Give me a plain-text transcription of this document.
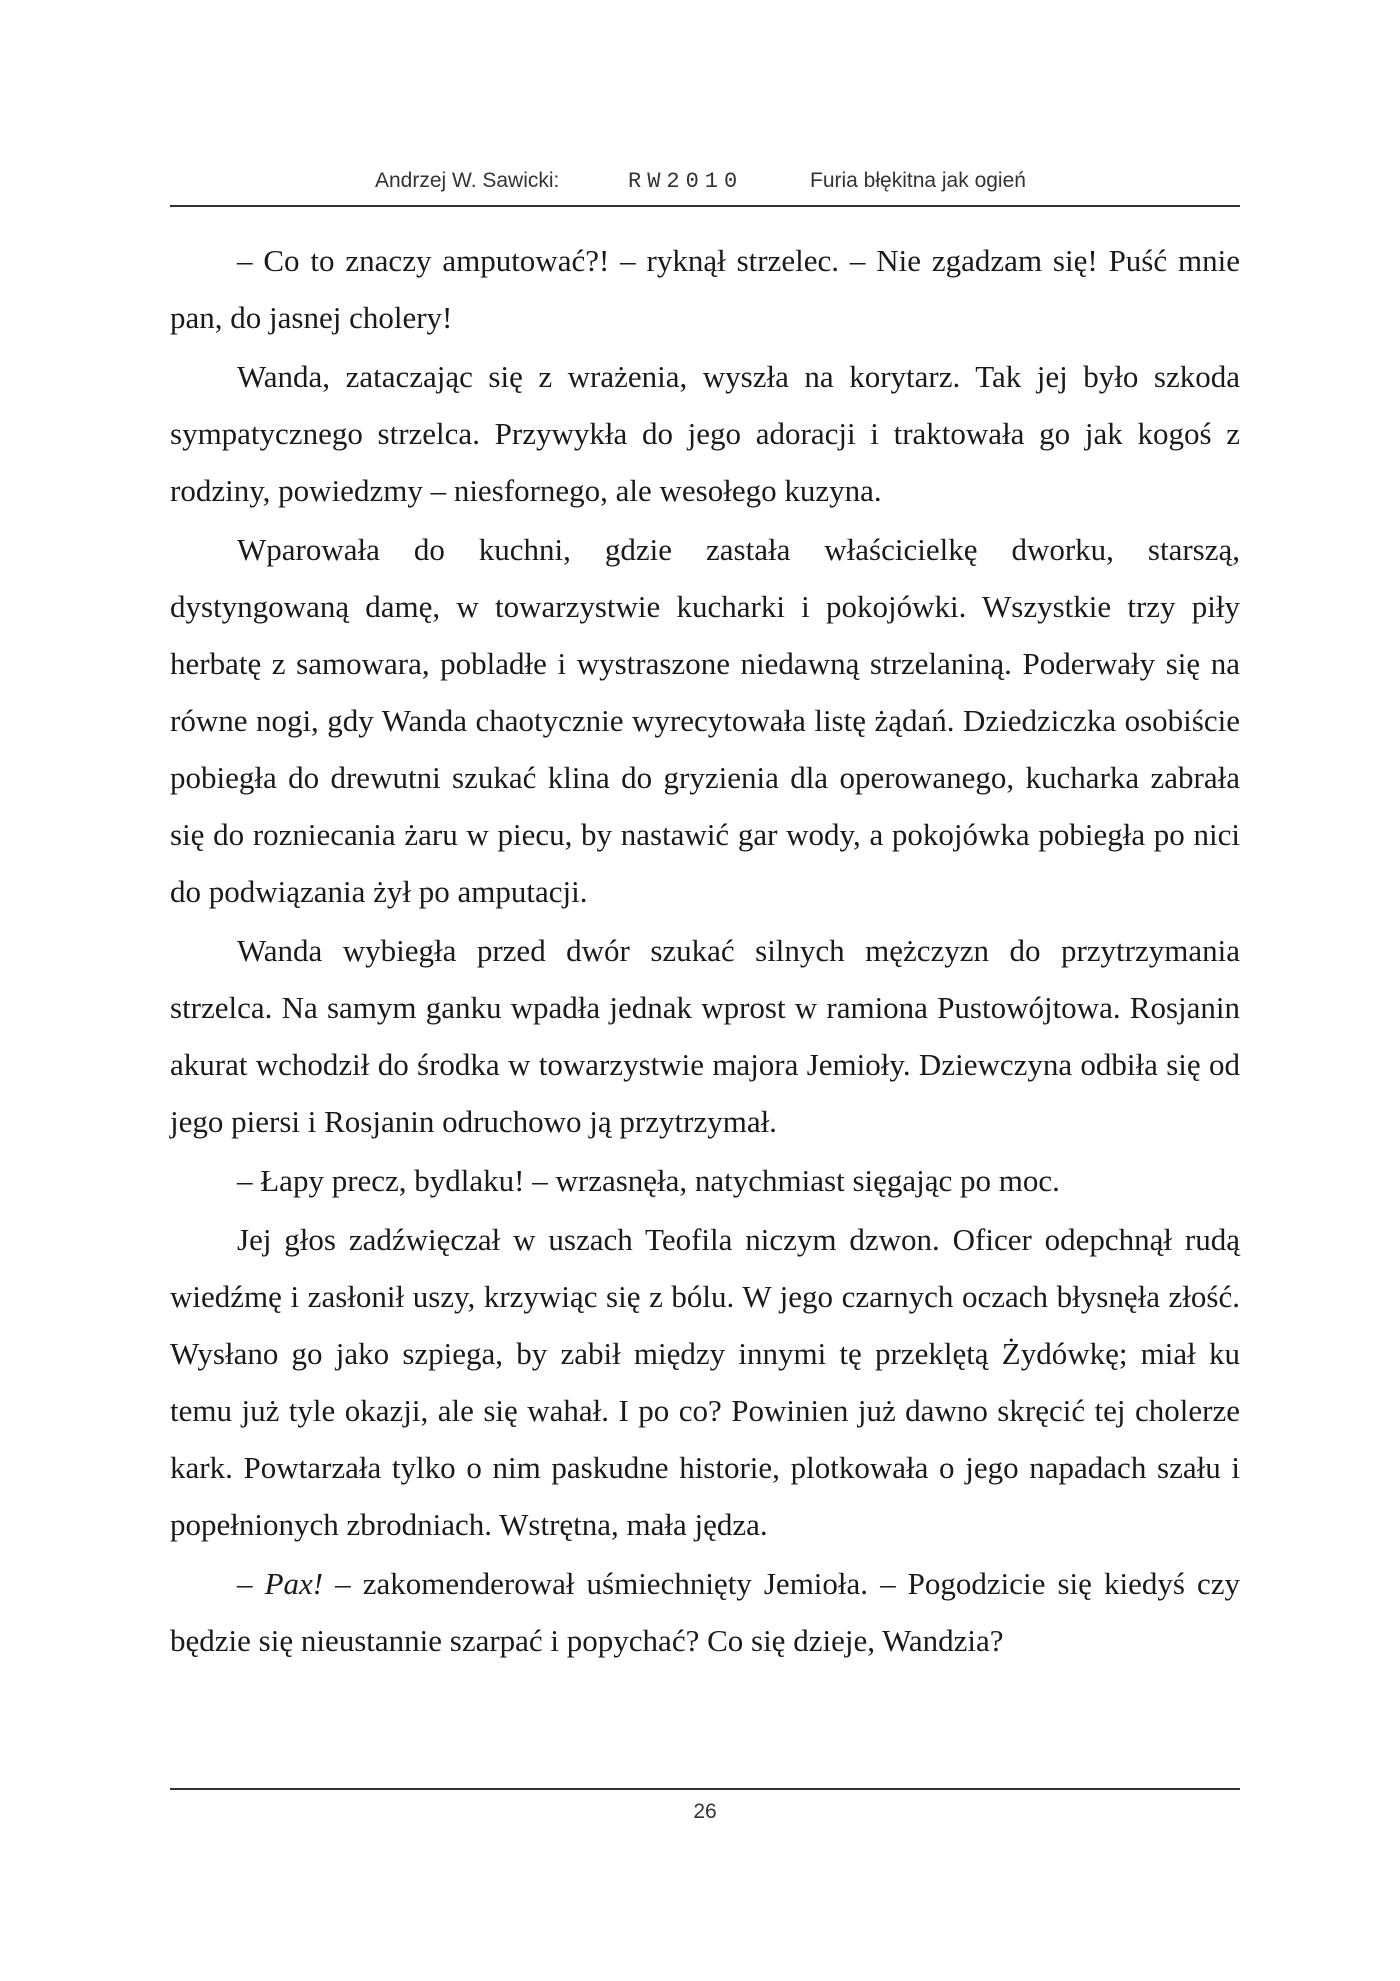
Andrzej W. Sawicki:	RW2010	Furia błękitna jak ogień

– Co to znaczy amputować?! – ryknął strzelec. – Nie zgadzam się! Puść mnie pan, do jasnej cholery!

Wanda, zataczając się z wrażenia, wyszła na korytarz. Tak jej było szkoda sympatycznego strzelca. Przywykła do jego adoracji i traktowała go jak kogoś z rodziny, powiedzmy – niesfornego, ale wesołego kuzyna.

Wparowała do kuchni, gdzie zastała właścicielkę dworku, starszą, dystyngowaną damę, w towarzystwie kucharki i pokojówki. Wszystkie trzy piły herbatę z samowara, pobladłe i wystraszone niedawną strzelaniną. Poderwały się na równe nogi, gdy Wanda chaotycznie wyrecytowała listę żądań. Dziedziczka osobiście pobiegła do drewutni szukać klina do gryzienia dla operowanego, kucharka zabrała się do rozniecania żaru w piecu, by nastawić gar wody, a pokojówka pobiegła po nici do podwiązania żył po amputacji.

Wanda wybiegła przed dwór szukać silnych mężczyzn do przytrzymania strzelca. Na samym ganku wpadła jednak wprost w ramiona Pustowójtowa. Rosjanin akurat wchodził do środka w towarzystwie majora Jemioły. Dziewczyna odbiła się od jego piersi i Rosjanin odruchowo ją przytrzymał.

– Łapy precz, bydlaku! – wrzasnęła, natychmiast sięgając po moc.

Jej głos zadźwięczał w uszach Teofila niczym dzwon. Oficer odepchnął rudą wiedźmę i zasłonił uszy, krzywiąc się z bólu. W jego czarnych oczach błysnęła złość. Wysłano go jako szpiega, by zabił między innymi tę przeklętą Żydówkę; miał ku temu już tyle okazji, ale się wahał. I po co? Powinien już dawno skręcić tej cholerze kark. Powtarzała tylko o nim paskudne historie, plotkowała o jego napadach szału i popełnionych zbrodniach. Wstrętna, mała jędza.

– Pax! – zakomenderował uśmiechnięty Jemioła. – Pogodzicie się kiedyś czy będzie się nieustannie szarpać i popychać? Co się dzieje, Wandzia?

26
